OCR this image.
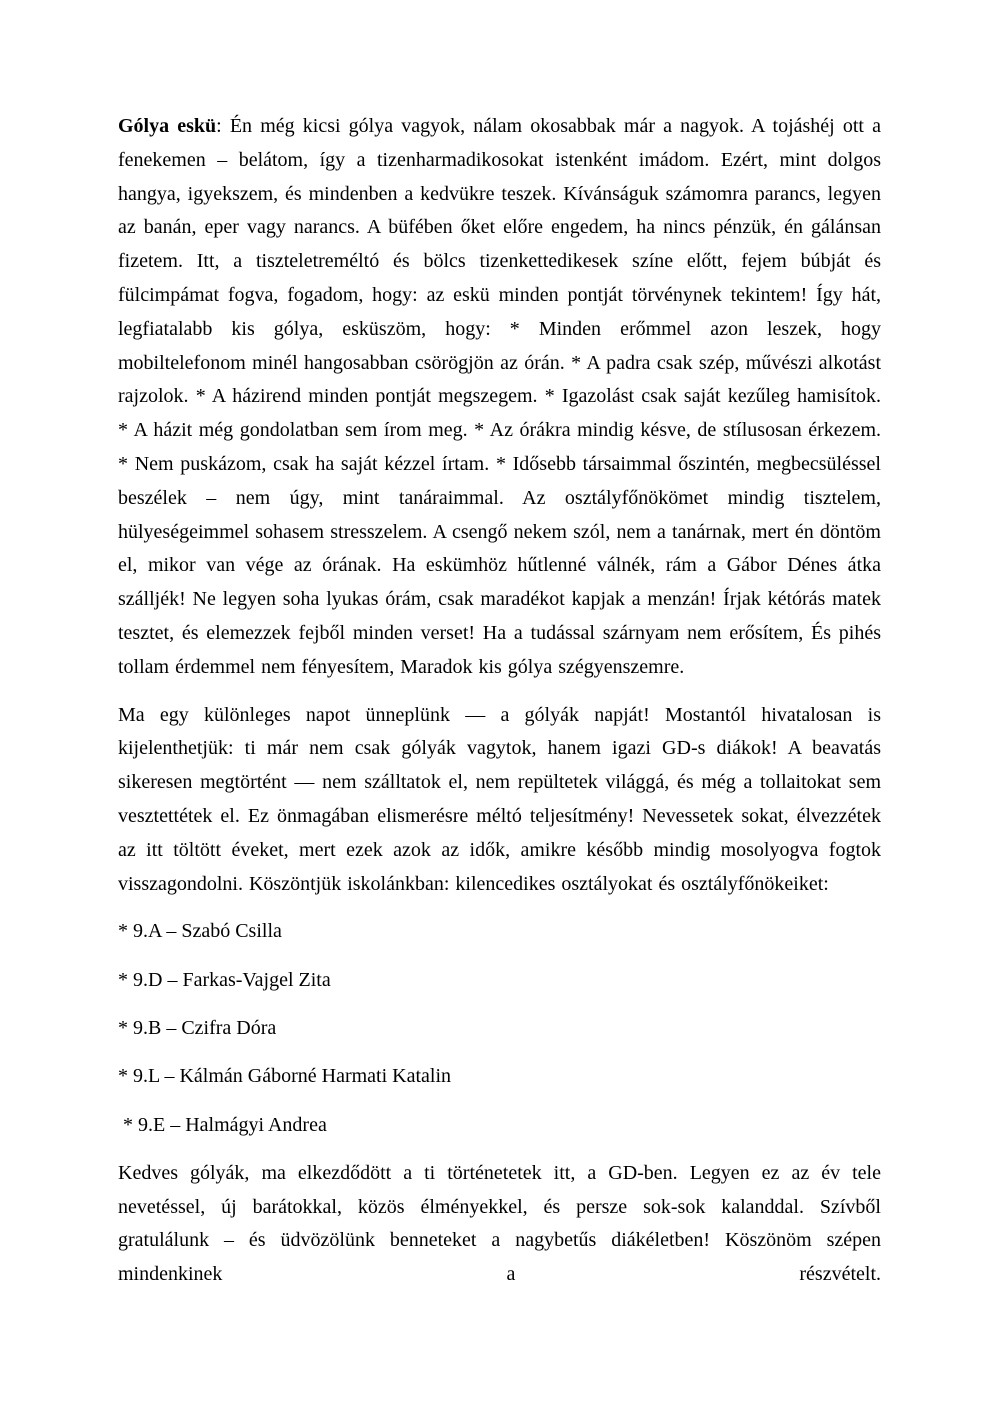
Gólya eskü: Én még kicsi gólya vagyok, nálam okosabbak már a nagyok. A tojáshéj ott a fenekemen – belátom, így a tizenharmadikosokat istenként imádom. Ezért, mint dolgos hangya, igyekszem, és mindenben a kedvükre teszek. Kívánságuk számomra parancs, legyen az banán, eper vagy narancs. A büfében őket előre engedem, ha nincs pénzük, én gálánsan fizetem. Itt, a tiszteletreméltó és bölcs tizenkettedikesek színe előtt, fejem búbját és fülcimpámat fogva, fogadom, hogy: az eskü minden pontját törvénynek tekintem! Így hát, legfiatalabb kis gólya, esküszöm, hogy: * Minden erőmmel azon leszek, hogy mobiltelefonom minél hangosabban csörögjön az órán. * A padra csak szép, művészi alkotást rajzolok. * A házirend minden pontját megszegem. * Igazolást csak saját kezűleg hamisítok. * A házit még gondolatban sem írom meg. * Az órákra mindig késve, de stílusosan érkezem. * Nem puskázom, csak ha saját kézzel írtam. * Idősebb társaimmal őszintén, megbecsüléssel beszélek – nem úgy, mint tanáraimmal. Az osztályfőnökömet mindig tisztelem, hülyeségeimmel sohasem stresszelem. A csengő nekem szól, nem a tanárnak, mert én döntöm el, mikor van vége az órának. Ha eskümhöz hűtlenné válnék, rám a Gábor Dénes átka szálljék! Ne legyen soha lyukas órám, csak maradékot kapjak a menzán! Írjak kétórás matek tesztet, és elemezzek fejből minden verset! Ha a tudással szárnyam nem erősítem, És pihés tollam érdemmel nem fényesítem, Maradok kis gólya szégyenszemre.

Ma egy különleges napot ünneplünk — a gólyák napját! Mostantól hivatalosan is kijelenthetjük: ti már nem csak gólyák vagytok, hanem igazi GD-s diákok! A beavatás sikeresen megtörtént — nem szálltatok el, nem repültetek világgá, és még a tollaitokat sem vesztettétek el. Ez önmagában elismerésre méltó teljesítmény! Nevessetek sokat, élvezzétek az itt töltött éveket, mert ezek azok az idők, amikre később mindig mosolyogva fogtok visszagondolni. Köszöntjük iskolánkban: kilencedikes osztályokat és osztályfőnökeiket:

* 9.A – Szabó Csilla

* 9.D – Farkas-Vajgel Zita

* 9.B – Czifra Dóra

* 9.L – Kálmán Gáborné Harmati Katalin

* 9.E – Halmágyi Andrea

Kedves gólyák, ma elkezdődött a ti történetetek itt, a GD-ben. Legyen ez az év tele nevetéssel, új barátokkal, közös élményekkel, és persze sok-sok kalanddal. Szívből gratulálunk – és üdvözölünk benneteket a nagybetűs diákéletben! Köszönöm szépen mindenkinek a részvételt.
